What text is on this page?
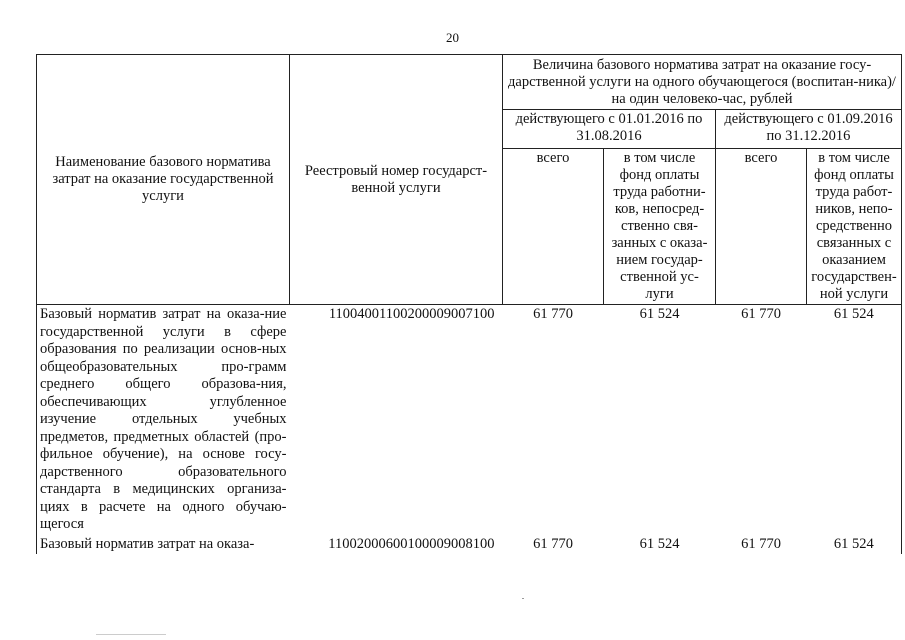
20
Наименование базового норматива затрат на оказание государственной услуги	Реестровый номер государст-венной услуги	Величина базового норматива затрат на оказание госу-дарственной услуги на одного обучающегося (воспитан-ника)/ на один человеко-час, рублей			
		действующего с 01.01.2016 по 31.08.2016		действующего с 01.09.2016 по 31.12.2016	
		всего	в том числе фонд оплаты труда работни-ков, непосред-ственно свя-занных с оказа-нием государ-ственной ус-луги	всего	в том числе фонд оплаты труда работ-ников, непо-средственно связанных с оказанием государствен-ной услуги
Базовый норматив затрат на оказа-ние государственной услуги в сфере образования по реализации основ-ных общеобразовательных про-грамм среднего общего образова-ния, обеспечивающих углубленное изучение отдельных учебных предметов, предметных областей (про-фильное обучение), на основе госу-дарственного образовательного стандарта в медицинских организа-циях в расчете на одного обучаю-щегося	11004001100200009007100	61 770	61 524	61 770	61 524
Базовый норматив затрат на оказа-	11002000600100009008100	61 770	61 524	61 770	61 524
